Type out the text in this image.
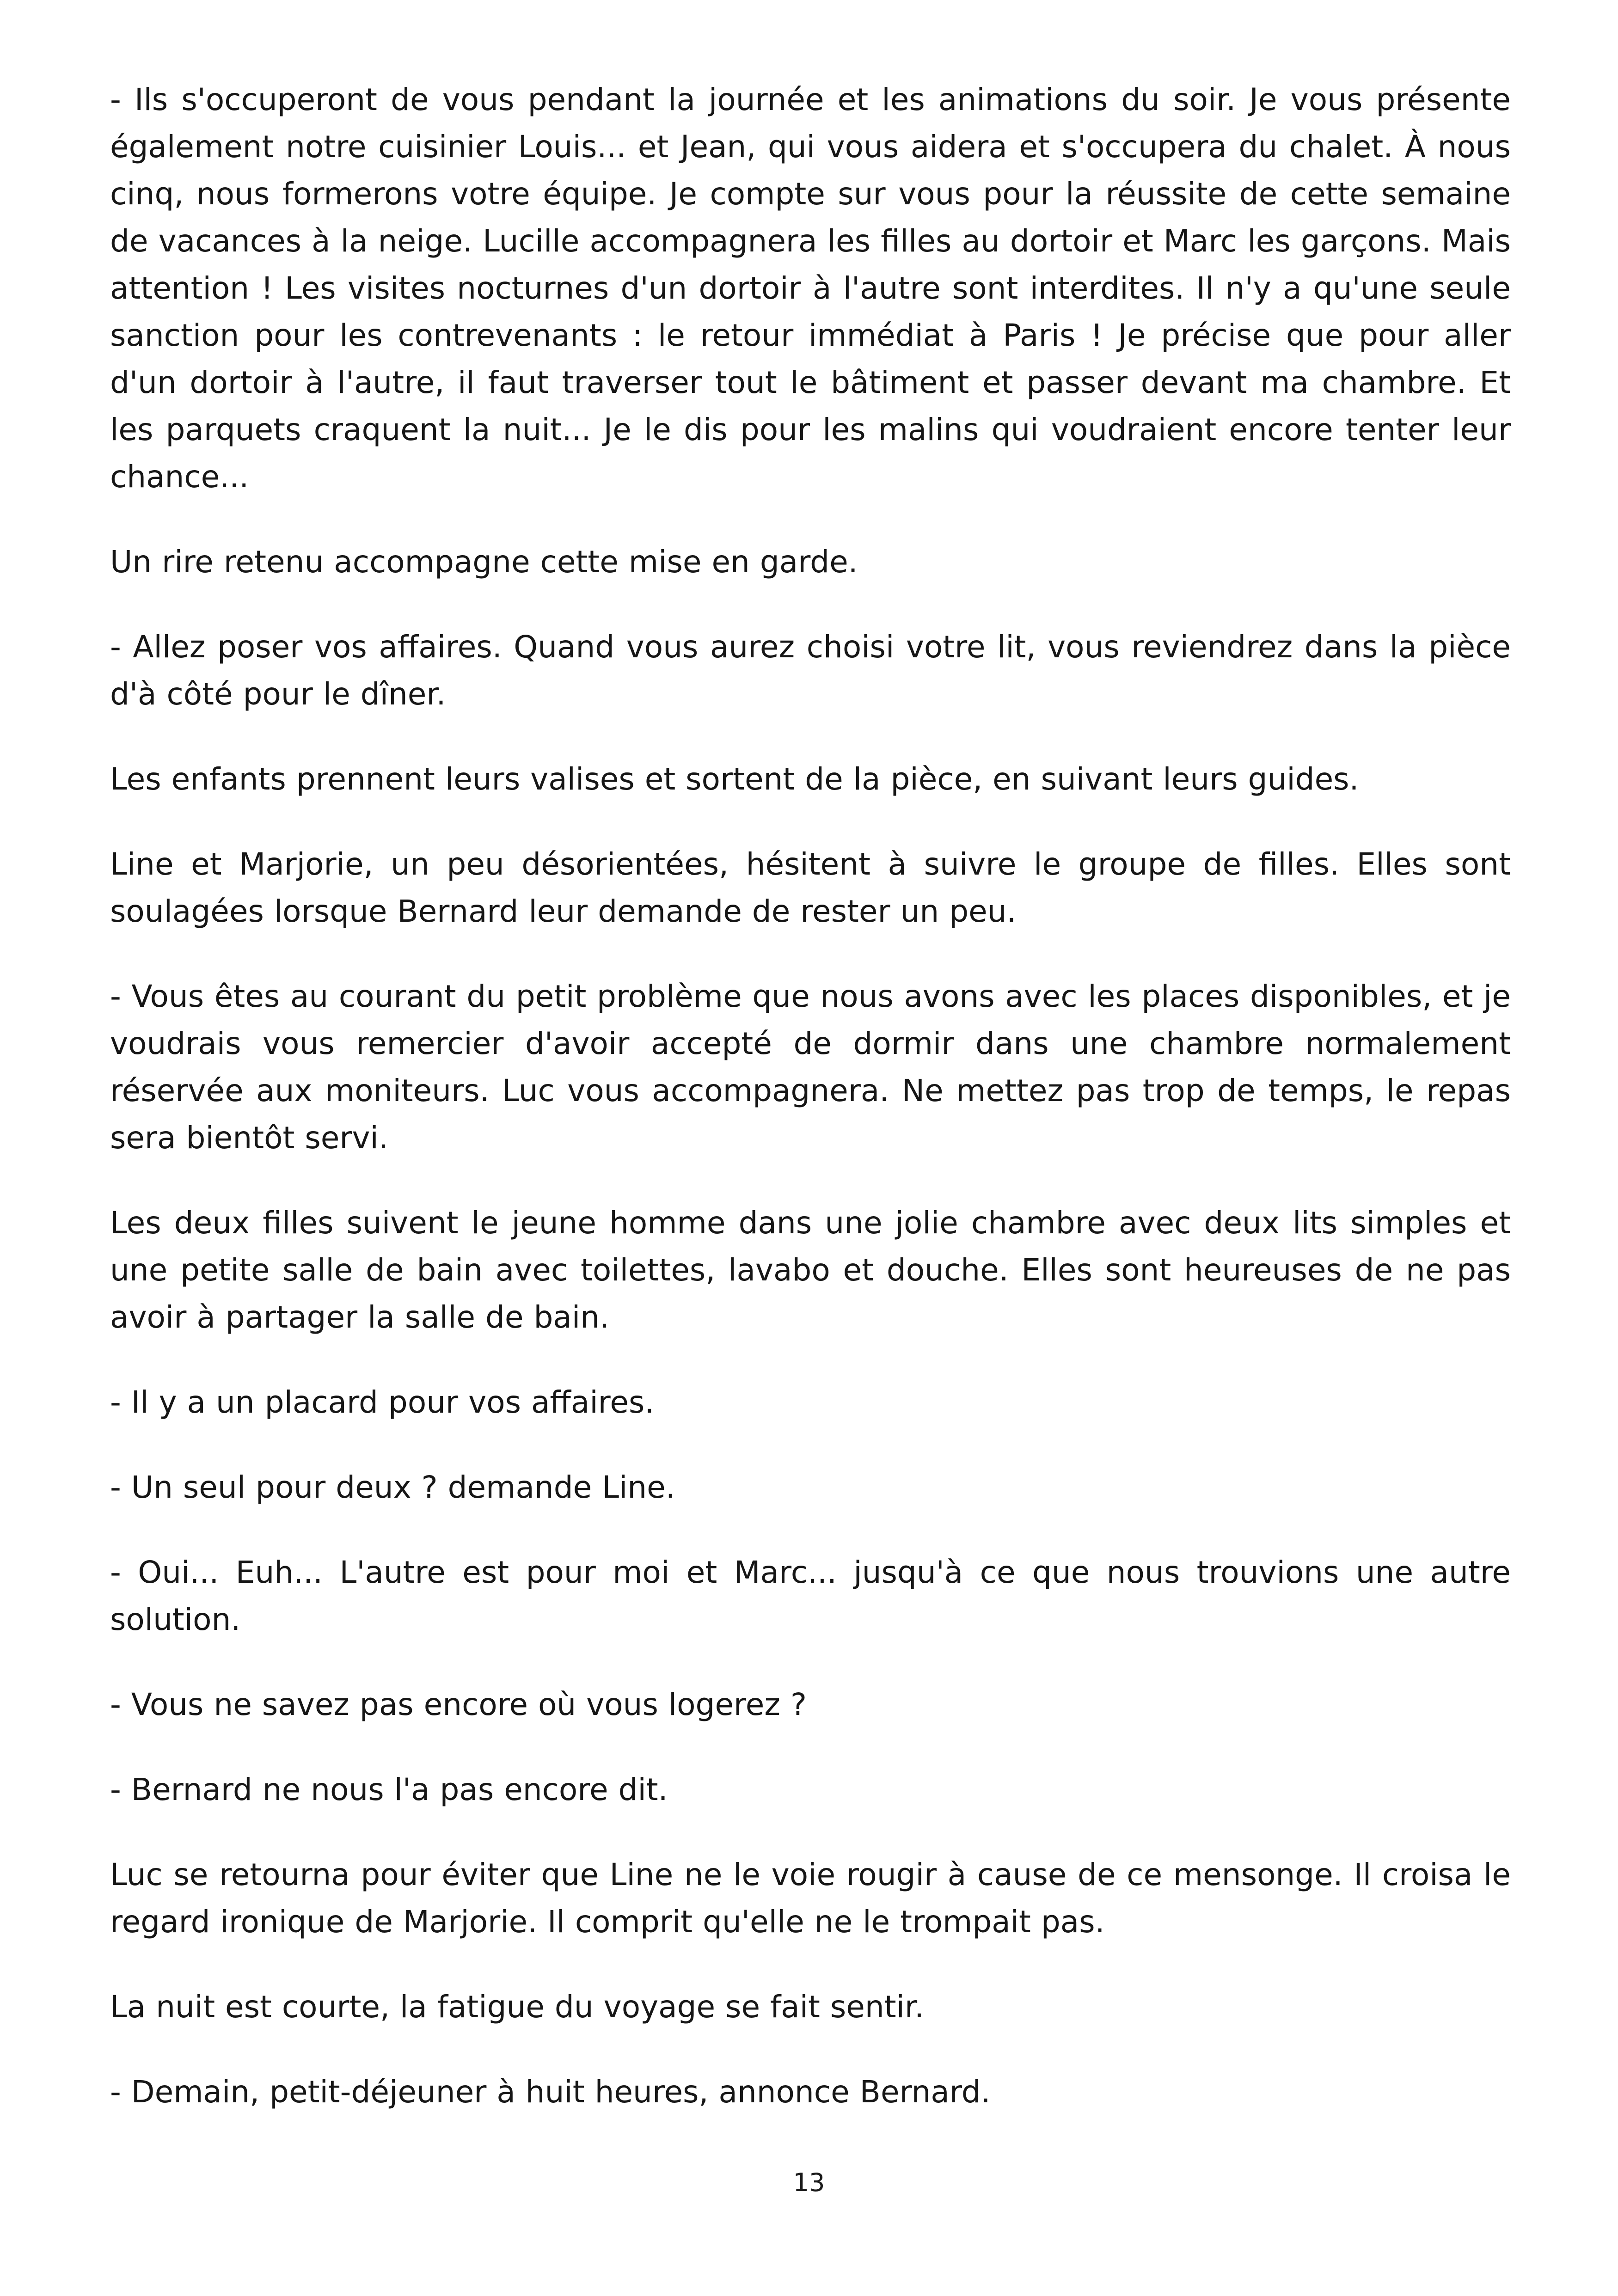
- Ils s'occuperont de vous pendant la journée et les animations du soir. Je vous présente également notre cuisinier Louis... et Jean, qui vous aidera et s'occupera du chalet. À nous cinq, nous formerons votre équipe. Je compte sur vous pour la réussite de cette semaine de vacances à la neige. Lucille accompagnera les filles au dortoir et Marc les garçons. Mais attention ! Les visites nocturnes d'un dortoir à l'autre sont interdites. Il n'y a qu'une seule sanction pour les contrevenants : le retour immédiat à Paris ! Je précise que pour aller d'un dortoir à l'autre, il faut traverser tout le bâtiment et passer devant ma chambre. Et les parquets craquent la nuit... Je le dis pour les malins qui voudraient encore tenter leur chance...

Un rire retenu accompagne cette mise en garde.

- Allez poser vos affaires. Quand vous aurez choisi votre lit, vous reviendrez dans la pièce d'à côté pour le dîner.

Les enfants prennent leurs valises et sortent de la pièce, en suivant leurs guides.

Line et Marjorie, un peu désorientées, hésitent à suivre le groupe de filles. Elles sont soulagées lorsque Bernard leur demande de rester un peu.

- Vous êtes au courant du petit problème que nous avons avec les places disponibles, et je voudrais vous remercier d'avoir accepté de dormir dans une chambre normalement réservée aux moniteurs. Luc vous accompagnera. Ne mettez pas trop de temps, le repas sera bientôt servi.

Les deux filles suivent le jeune homme dans une jolie chambre avec deux lits simples et une petite salle de bain avec toilettes, lavabo et douche. Elles sont heureuses de ne pas avoir à partager la salle de bain.

- Il y a un placard pour vos affaires.

- Un seul pour deux ? demande Line.

- Oui... Euh... L'autre est pour moi et Marc... jusqu'à ce que nous trouvions une autre solution.

- Vous ne savez pas encore où vous logerez ?

- Bernard ne nous l'a pas encore dit.

Luc se retourna pour éviter que Line ne le voie rougir à cause de ce mensonge. Il croisa le regard ironique de Marjorie. Il comprit qu'elle ne le trompait pas.

La nuit est courte, la fatigue du voyage se fait sentir.

- Demain, petit-déjeuner à huit heures, annonce Bernard.

13
